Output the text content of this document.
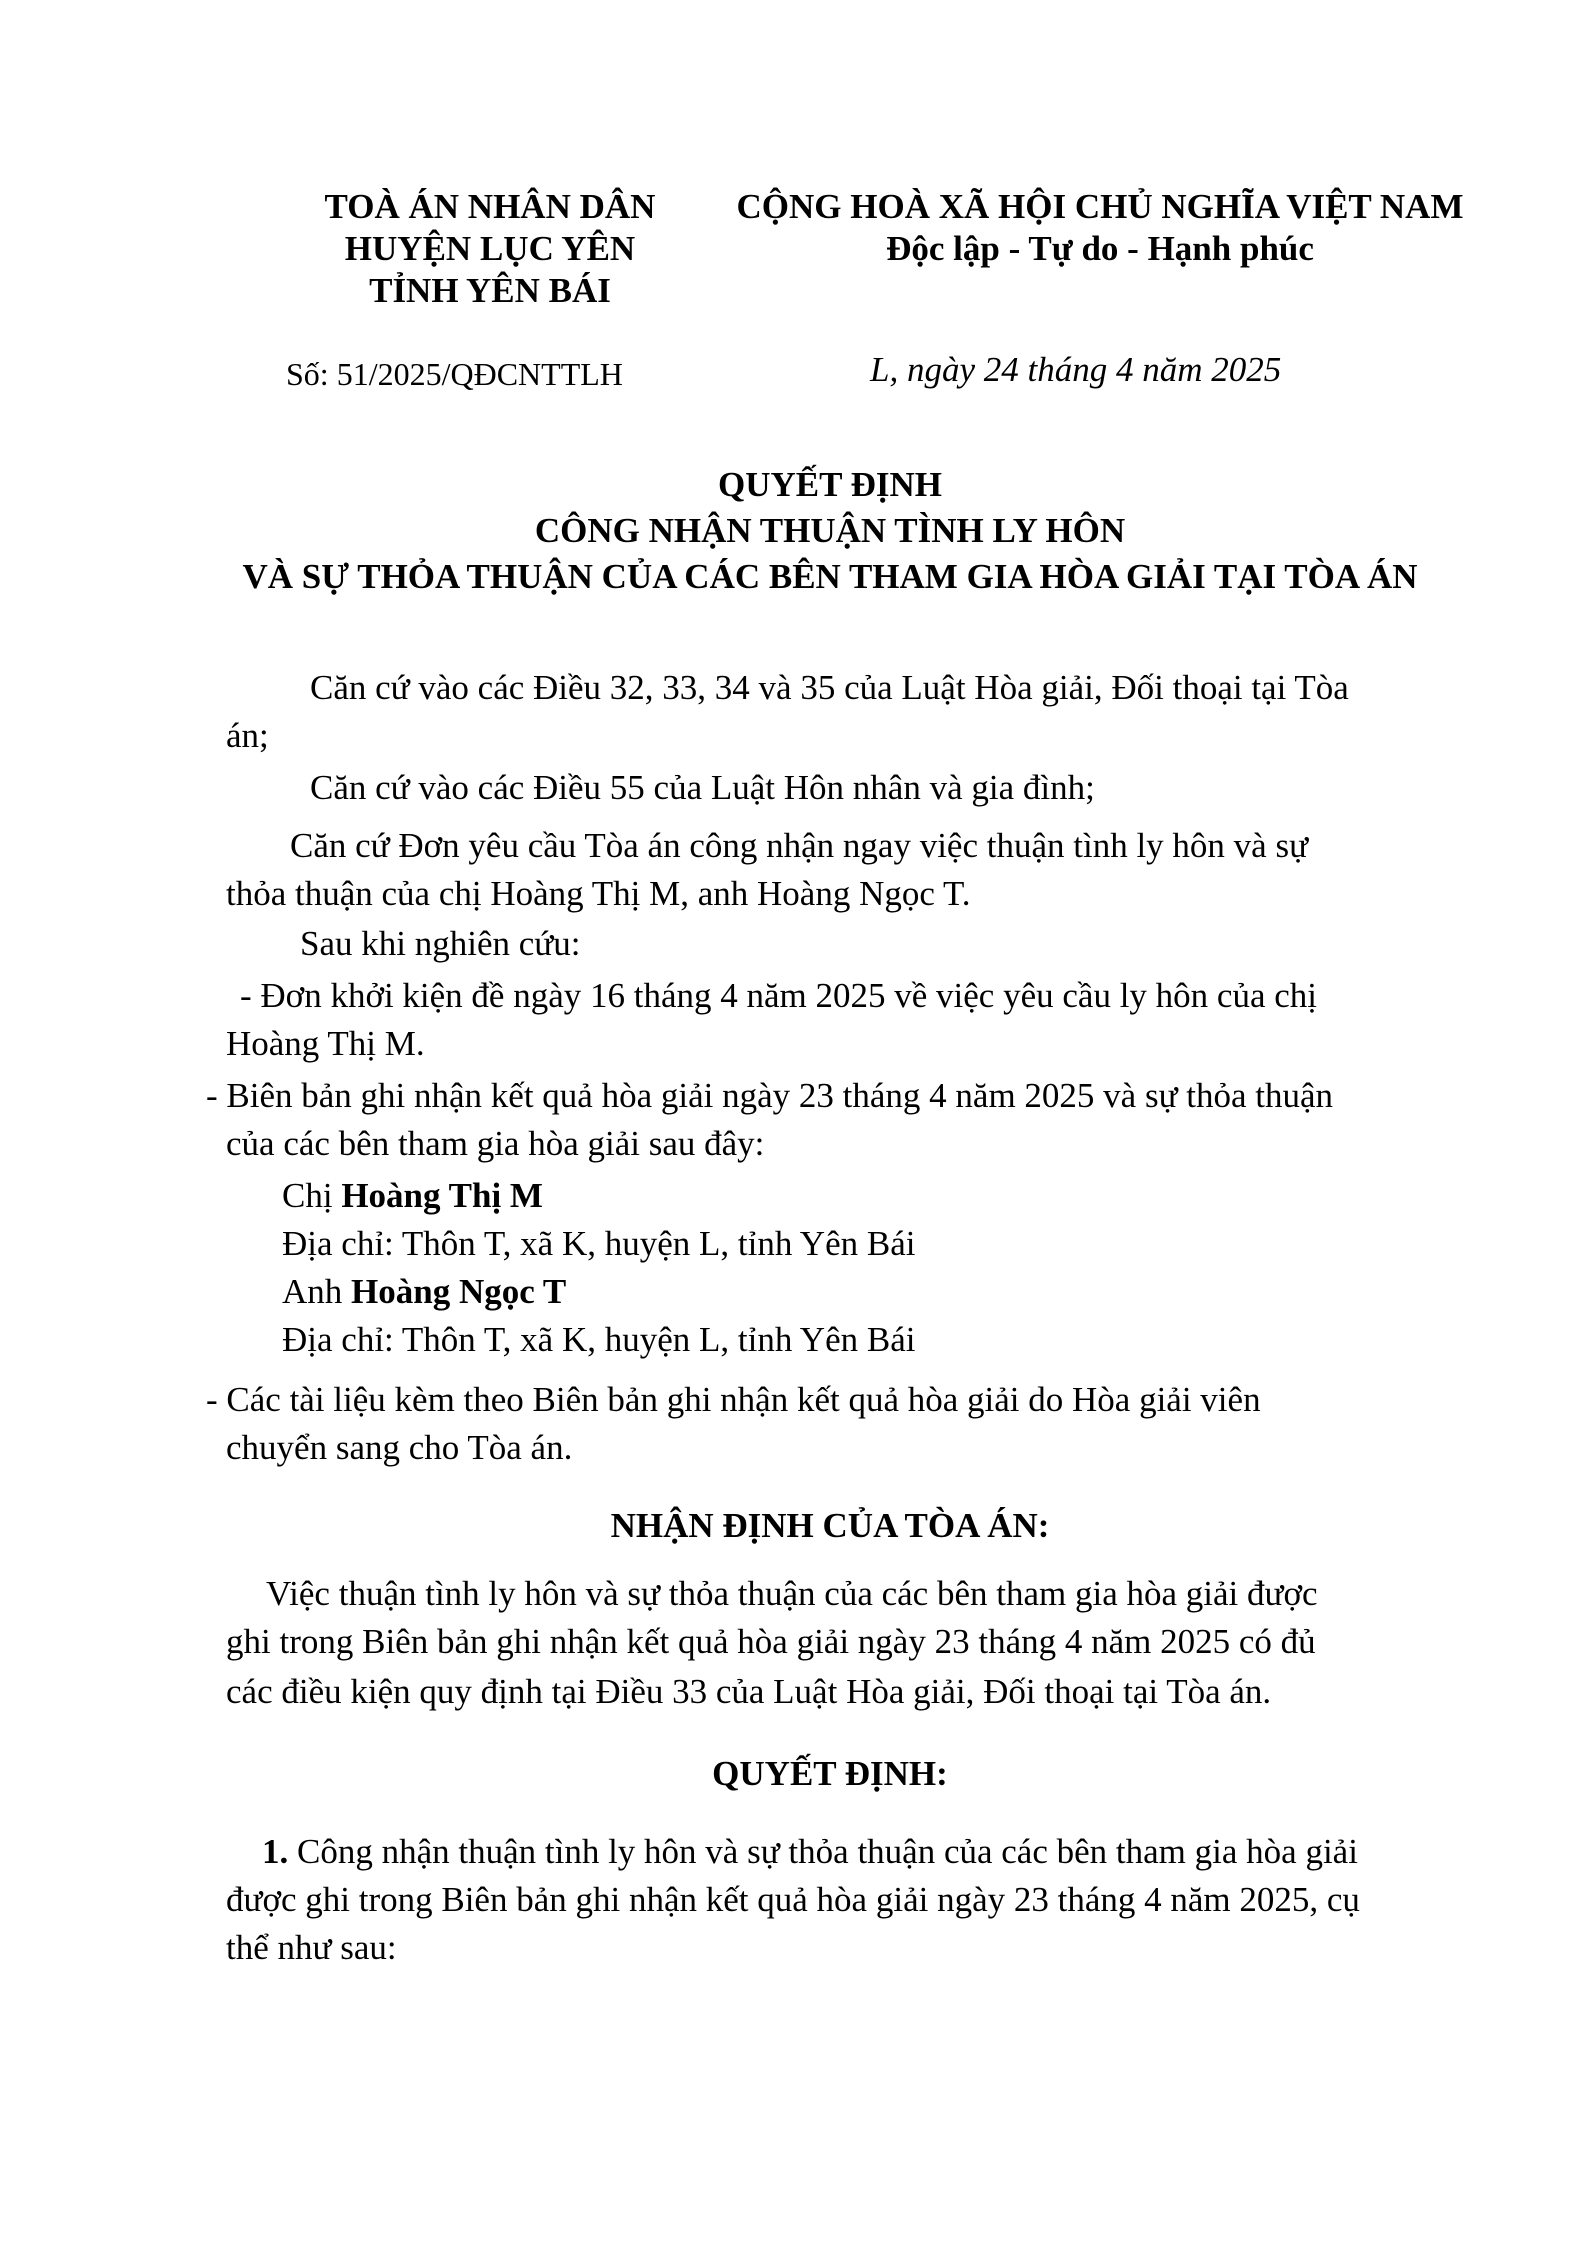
TOÀ ÁN NHÂN DÂN
HUYỆN LỤC YÊN
TỈNH YÊN BÁI
CỘNG HOÀ XÃ HỘI CHỦ NGHĨA VIỆT NAM
Độc lập - Tự do - Hạnh phúc
Số: 51/2025/QĐCNTTLH	L, ngày 24 tháng 4 năm 2025
QUYẾT ĐỊNH
CÔNG NHẬN THUẬN TÌNH LY HÔN
VÀ SỰ THỎA THUẬN CỦA CÁC BÊN THAM GIA HÒA GIẢI TẠI TÒA ÁN
Căn cứ vào các Điều 32, 33, 34 và 35 của Luật Hòa giải, Đối thoại tại Tòa
án;
Căn cứ vào các Điều 55 của Luật Hôn nhân và gia đình;
Căn cứ Đơn yêu cầu Tòa án công nhận ngay việc thuận tình ly hôn và sự
thỏa thuận của chị Hoàng Thị M, anh Hoàng Ngọc T.
Sau khi nghiên cứu:
- Đơn khởi kiện đề ngày 16 tháng 4 năm 2025 về việc yêu cầu ly hôn của chị
Hoàng Thị M.
- Biên bản ghi nhận kết quả hòa giải ngày 23 tháng 4 năm 2025 và sự thỏa thuận
của các bên tham gia hòa giải sau đây:
Chị Hoàng Thị M
Địa chỉ: Thôn T, xã K, huyện L, tỉnh Yên Bái
Anh Hoàng Ngọc T
Địa chỉ: Thôn T, xã K, huyện L, tỉnh Yên Bái
- Các tài liệu kèm theo Biên bản ghi nhận kết quả hòa giải do Hòa giải viên
chuyển sang cho Tòa án.
NHẬN ĐỊNH CỦA TÒA ÁN:
Việc thuận tình ly hôn và sự thỏa thuận của các bên tham gia hòa giải được
ghi trong Biên bản ghi nhận kết quả hòa giải ngày 23 tháng 4 năm 2025 có đủ
các điều kiện quy định tại Điều 33 của Luật Hòa giải, Đối thoại tại Tòa án.
QUYẾT ĐỊNH:
1. Công nhận thuận tình ly hôn và sự thỏa thuận của các bên tham gia hòa giải
được ghi trong Biên bản ghi nhận kết quả hòa giải ngày 23 tháng 4 năm 2025, cụ
thể như sau:
